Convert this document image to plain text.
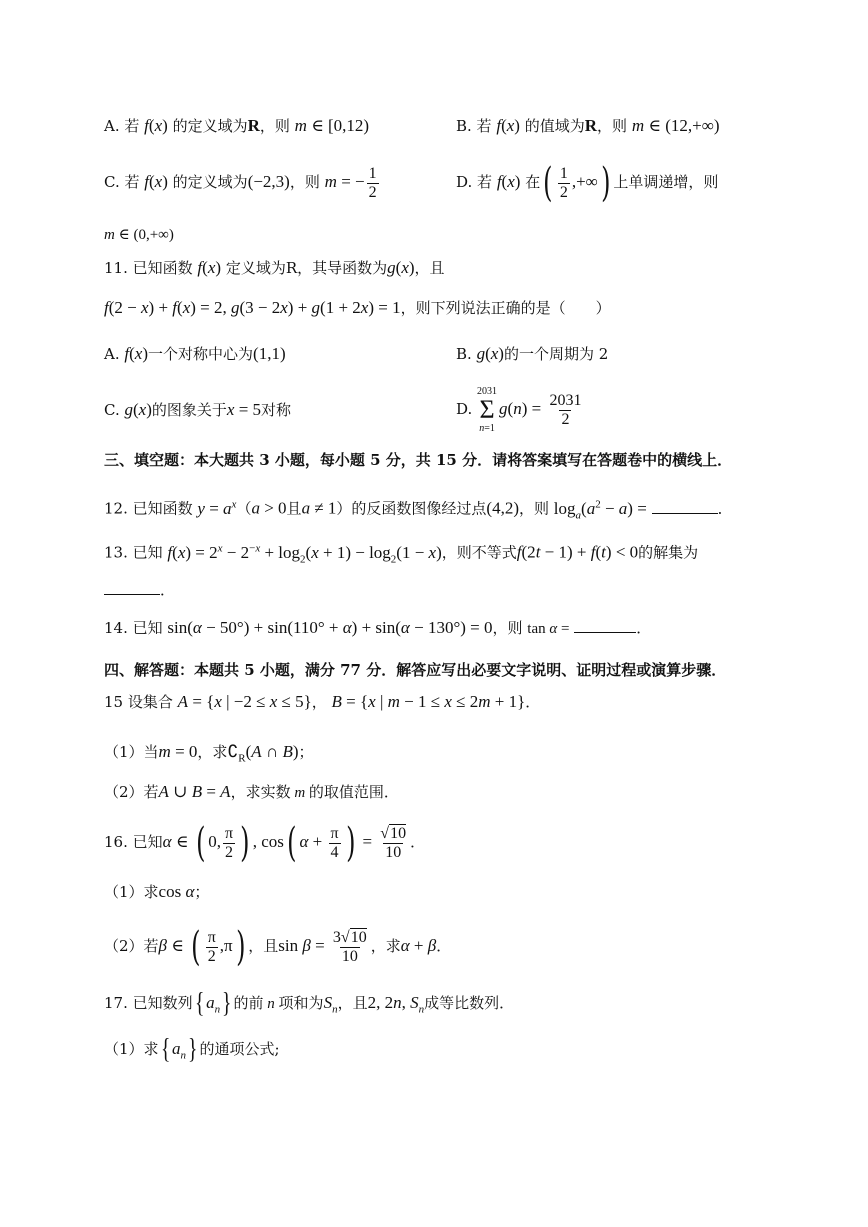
A. 若 f(x) 的定义域为R，则 m ∈ [0,12)	B. 若 f(x) 的值域为R，则 m ∈ (12,+∞)
C. 若 f(x) 的定义域为(−2,3)，则 m = − $\frac{1}{2}$	D. 若 f(x) 在( $\frac{1}{2}$ ,+∞) 上单调递增，则
m ∈ (0,+∞)
11. 已知函数 f(x) 定义域为R，其导函数为g(x)，且
f(2 − x) + f(x) = 2, g(3 − 2x) + g(1 + 2x) = 1，则下列说法正确的是（　　）
A. f(x)一个对称中心为(1,1)	B. g(x)的一个周期为 2
C. g(x)的图象关于x = 5对称	D.
2031
Σ
n=1
$g(n) = \frac{2031}{2}$
三、填空题：本大题共 3 小题，每小题 5 分，共 15 分．请将答案填写在答题卷中的横线上．
12. 已知函数 $y = a^x(a > 0$且a ≠ 1）的反函数图像经过点(4,2)，则 $\log_a(a^2 - a)$ =	．
13. 已知 $f(x) = 2^x - 2^{-x} + \log_2(x + 1) - \log_2(1 - x)$，则不等式f(2t − 1) + f(t) < 0的解集为
．
14. 已知 sin(α − 50°) + sin(110° + α) + sin(α − 130°) = 0，则 tan α =	．
四、解答题：本题共 5 小题，满分 77 分．解答应写出必要文字说明、证明过程或演算步骤．
15 设集合 A = {x | −2 ≤ x ≤ 5}， B = {x | m − 1 ≤ x ≤ 2m + 1}．
（1）当m = 0，求$∁_R(A$ ∩ B)；
（2）若A ∪ B = A，求实数 m 的取值范围．
16. 已知α ∈ ( 0, $\frac{\pi}{2}$ ) , cos( $\alpha + \frac{\pi}{4}$ ) = $\frac{√10}{10}$ ．
（1）求cos α；
（2）若β ∈ ( $\frac{\pi}{2} ,\pi$) ，且$\sin \beta = \frac{3√10}{10}$ ，求α + β．
17. 已知数列{ $a_n$} 的前 n 项和为$S_n$，且2, 2n, $S_n$成等比数列．
（1）求{ $a_n$} 的通项公式;
